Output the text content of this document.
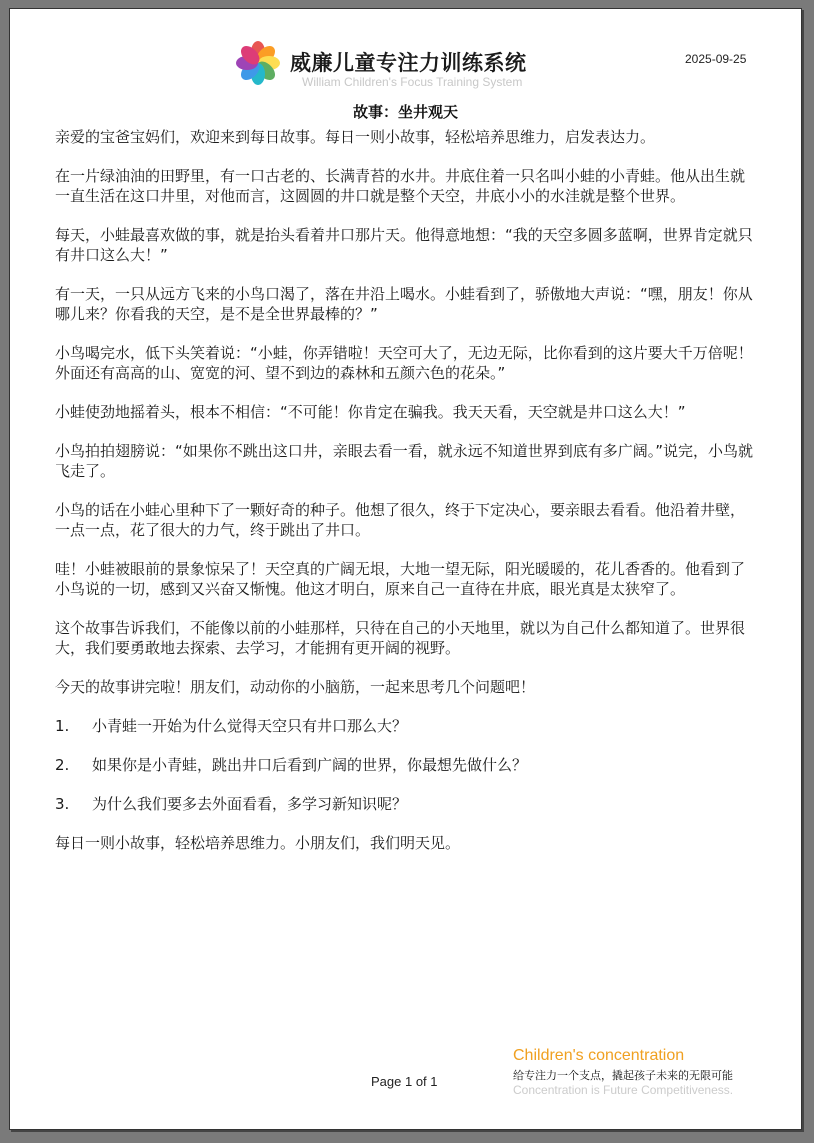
威廉儿童专注力训练系统
William Children's Focus Training System
2025-09-25
故事：坐井观天

亲爱的宝爸宝妈们，欢迎来到每日故事。每日一则小故事，轻松培养思维力，启发表达力。

在一片绿油油的田野里，有一口古老的、长满青苔的水井。井底住着一只名叫小蛙的小青蛙。他从出生就一直生活在这口井里，对他而言，这圆圆的井口就是整个天空，井底小小的水洼就是整个世界。

每天，小蛙最喜欢做的事，就是抬头看着井口那片天。他得意地想：“我的天空多圆多蓝啊，世界肯定就只有井口这么大！”

有一天，一只从远方飞来的小鸟口渴了，落在井沿上喝水。小蛙看到了，骄傲地大声说：“嘿，朋友！你从哪儿来？你看我的天空，是不是全世界最棒的？”

小鸟喝完水，低下头笑着说：“小蛙，你弄错啦！天空可大了，无边无际，比你看到的这片要大千万倍呢！外面还有高高的山、宽宽的河、望不到边的森林和五颜六色的花朵。”

小蛙使劲地摇着头，根本不相信：“不可能！你肯定在骗我。我天天看，天空就是井口这么大！”

小鸟拍拍翅膀说：“如果你不跳出这口井，亲眼去看一看，就永远不知道世界到底有多广阔。”说完，小鸟就飞走了。

小鸟的话在小蛙心里种下了一颗好奇的种子。他想了很久，终于下定决心，要亲眼去看看。他沿着井壁，一点一点，花了很大的力气，终于跳出了井口。

哇！小蛙被眼前的景象惊呆了！天空真的广阔无垠，大地一望无际，阳光暖暖的，花儿香香的。他看到了小鸟说的一切，感到又兴奋又惭愧。他这才明白，原来自己一直待在井底，眼光真是太狭窄了。

这个故事告诉我们，不能像以前的小蛙那样，只待在自己的小天地里，就以为自己什么都知道了。世界很大，我们要勇敢地去探索、去学习，才能拥有更开阔的视野。

今天的故事讲完啦！朋友们，动动你的小脑筋，一起来思考几个问题吧！

1.	小青蛙一开始为什么觉得天空只有井口那么大？

2.	如果你是小青蛙，跳出井口后看到广阔的世界，你最想先做什么？

3.	为什么我们要多去外面看看，多学习新知识呢？

每日一则小故事，轻松培养思维力。小朋友们，我们明天见。

Children's concentration
给专注力一个支点，撬起孩子未来的无限可能
Concentration is Future Competitiveness.
Page 1 of 1
